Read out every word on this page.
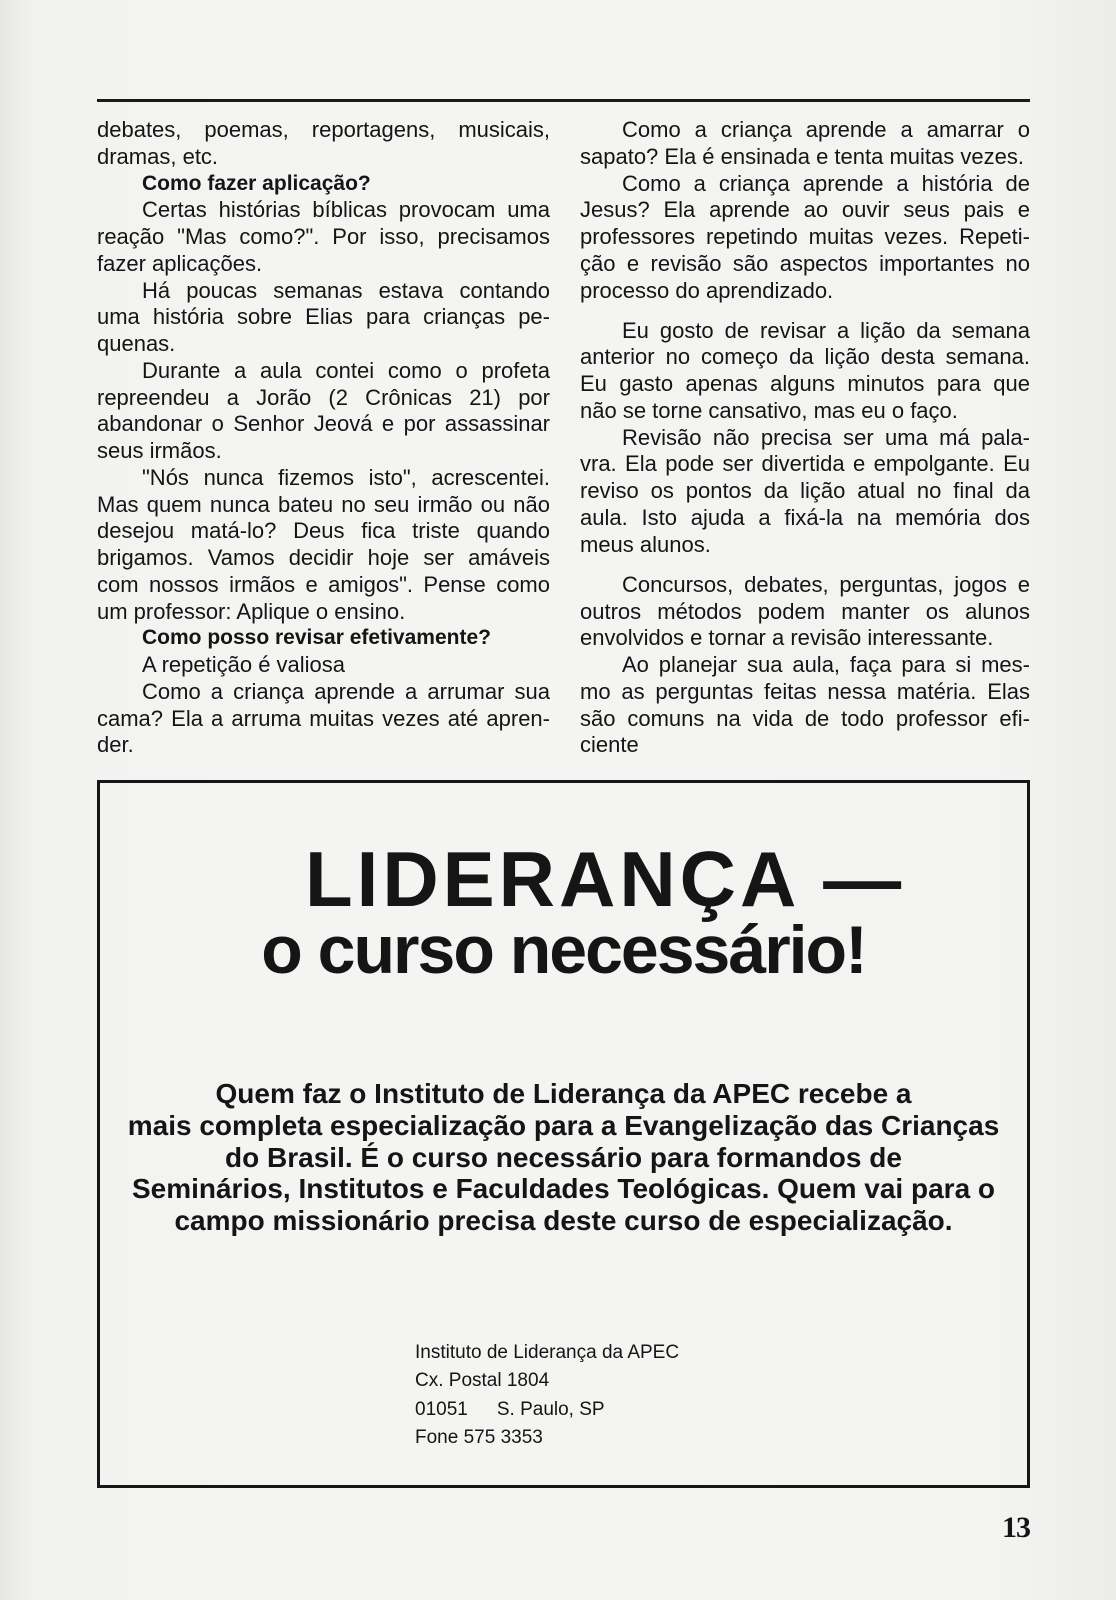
debates, poemas, reportagens, musicais,
dramas, etc.
Como fazer aplicação?
Certas histórias bíblicas provocam uma
reação "Mas como?". Por isso, precisamos
fazer aplicações.
Há poucas semanas estava contando
uma história sobre Elias para crianças pe-
quenas.
Durante a aula contei como o profeta
repreendeu a Jorão (2 Crônicas 21) por
abandonar o Senhor Jeová e por assassinar
seus irmãos.
"Nós nunca fizemos isto", acrescentei.
Mas quem nunca bateu no seu irmão ou não
desejou matá-lo? Deus fica triste quando
brigamos. Vamos decidir hoje ser amáveis
com nossos irmãos e amigos". Pense como
um professor: Aplique o ensino.
Como posso revisar efetivamente?
A repetição é valiosa
Como a criança aprende a arrumar sua
cama? Ela a arruma muitas vezes até apren-
der.
Como a criança aprende a amarrar o
sapato? Ela é ensinada e tenta muitas vezes.
Como a criança aprende a história de
Jesus? Ela aprende ao ouvir seus pais e
professores repetindo muitas vezes. Repeti-
ção e revisão são aspectos importantes no
processo do aprendizado.
Eu gosto de revisar a lição da semana
anterior no começo da lição desta semana.
Eu gasto apenas alguns minutos para que
não se torne cansativo, mas eu o faço.
Revisão não precisa ser uma má pala-
vra. Ela pode ser divertida e empolgante. Eu
reviso os pontos da lição atual no final da
aula. Isto ajuda a fixá-la na memória dos
meus alunos.
Concursos, debates, perguntas, jogos e
outros métodos podem manter os alunos
envolvidos e tornar a revisão interessante.
Ao planejar sua aula, faça para si mes-
mo as perguntas feitas nessa matéria. Elas
são comuns na vida de todo professor efi-
ciente
LIDERANÇA —
o curso necessário!
Quem faz o Instituto de Liderança da APEC recebe a
mais completa especialização para a Evangelização das Crianças
do Brasil. É o curso necessário para formandos de
Seminários, Institutos e Faculdades Teológicas. Quem vai para o
campo missionário precisa deste curso de especialização.
Instituto de Liderança da APEC
Cx. Postal 1804
01051 S. Paulo, SP
Fone 575 3353
13
